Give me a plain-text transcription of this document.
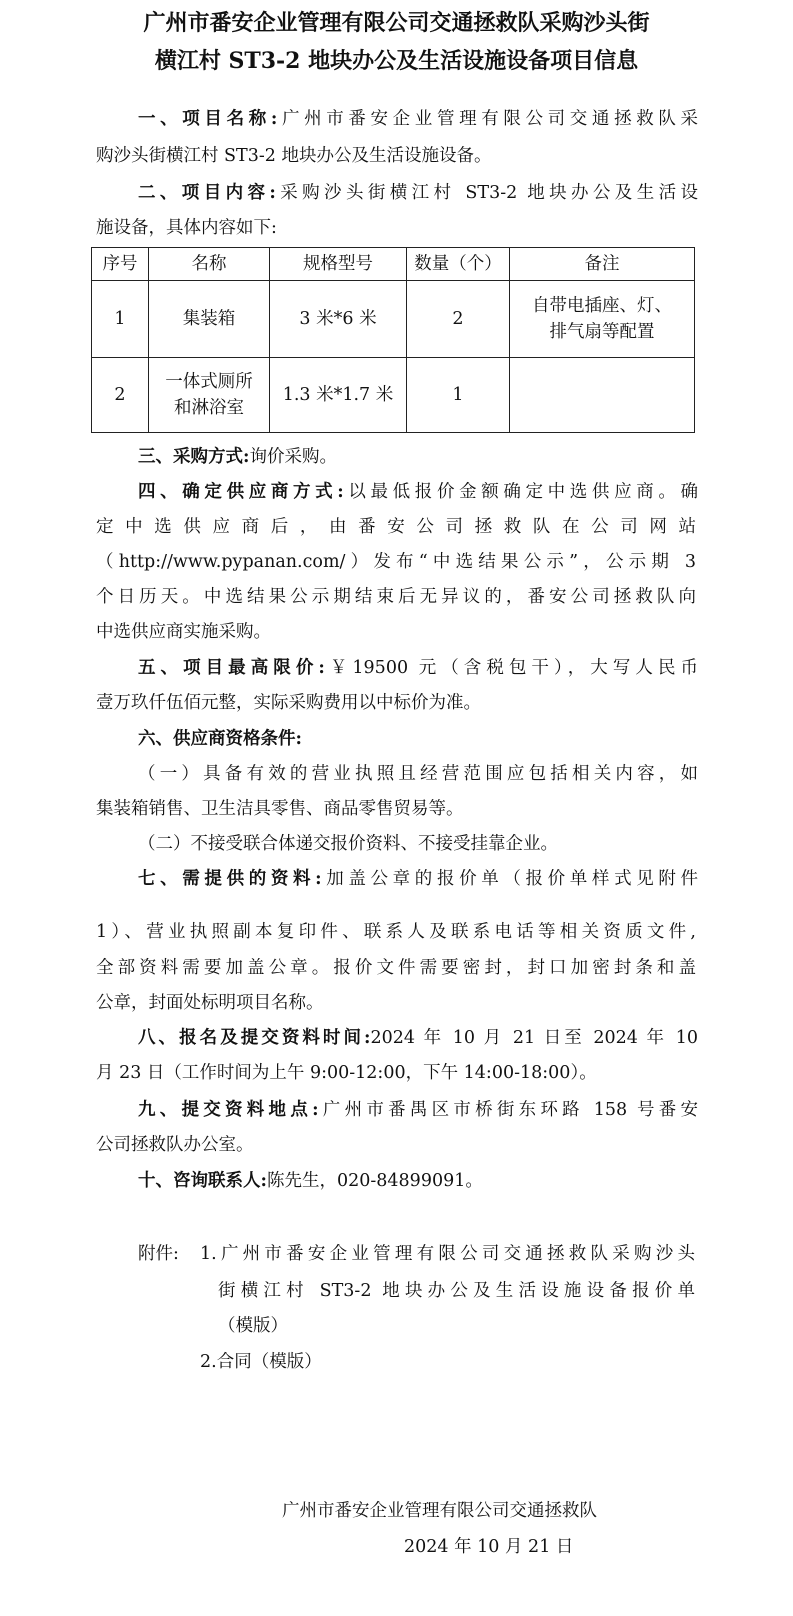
广州市番安企业管理有限公司交通拯救队采购沙头街
横江村 ST3-2 地块办公及生活设施设备项目信息
一、项目名称:广州市番安企业管理有限公司交通拯救队采
购沙头街横江村 ST3-2 地块办公及生活设施设备。
二、项目内容:采购沙头街横江村 ST3-2 地块办公及生活设
施设备，具体内容如下:
序号	名称	规格型号	数量（个）	备注
1	集装箱	3 米*6 米	2	自带电插座、灯、
排气扇等配置

2	一体式厕所
和淋浴室	1.3 米*1.7 米	1	
三、采购方式:询价采购。
四、确定供应商方式:以最低报价金额确定中选供应商。确
定中选供应商后，由番安公司拯救队在公司网站
（http://www.pypanan.com/）发布“中选结果公示”，公示期 3
个日历天。中选结果公示期结束后无异议的，番安公司拯救队向
中选供应商实施采购。
五、项目最高限价:￥19500 元（含税包干），大写人民币
壹万玖仟伍佰元整，实际采购费用以中标价为准。
六、供应商资格条件:
（一）具备有效的营业执照且经营范围应包括相关内容，如
集装箱销售、卫生洁具零售、商品零售贸易等。
（二）不接受联合体递交报价资料、不接受挂靠企业。
七、需提供的资料:加盖公章的报价单（报价单样式见附件
1）、营业执照副本复印件、联系人及联系电话等相关资质文件,
全部资料需要加盖公章。报价文件需要密封，封口加密封条和盖
公章，封面处标明项目名称。
八、报名及提交资料时间:2024 年 10 月 21 日至 2024 年 10
月 23 日（工作时间为上午 9:00-12:00，下午 14:00-18:00）。
九、提交资料地点:广州市番禺区市桥街东环路 158 号番安
公司拯救队办公室。
十、咨询联系人:陈先生，020-84899091。
附件:	1.广州市番安企业管理有限公司交通拯救队采购沙头
街横江村 ST3-2 地块办公及生活设施设备报价单
（模版）
2.合同（模版）
广州市番安企业管理有限公司交通拯救队
2024 年 10 月 21 日
